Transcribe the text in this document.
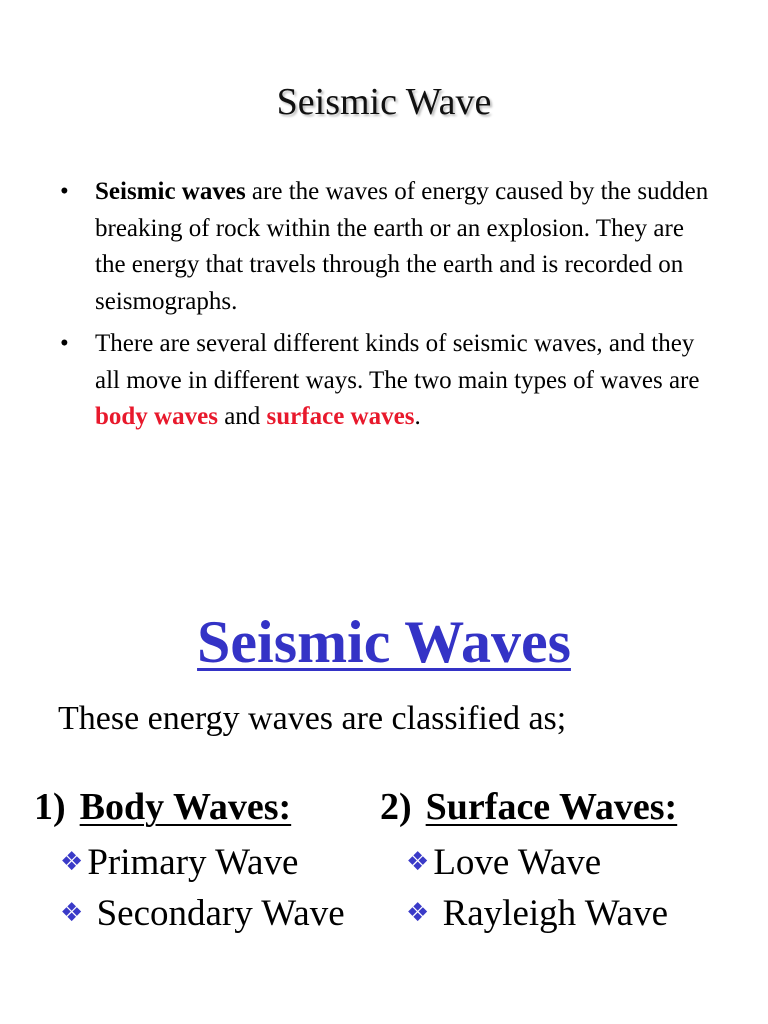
Seismic Wave
• Seismic waves are the waves of energy caused by the sudden breaking of rock within the earth or an explosion. They are the energy that travels through the earth and is recorded on seismographs.
• There are several different kinds of seismic waves, and they all move in different ways. The two main types of waves are body waves and surface waves.
Seismic Waves
These energy waves are classified as;
1) Body Waves:
❖ Primary Wave
❖ Secondary Wave
2) Surface Waves:
❖ Love Wave
❖ Rayleigh Wave
